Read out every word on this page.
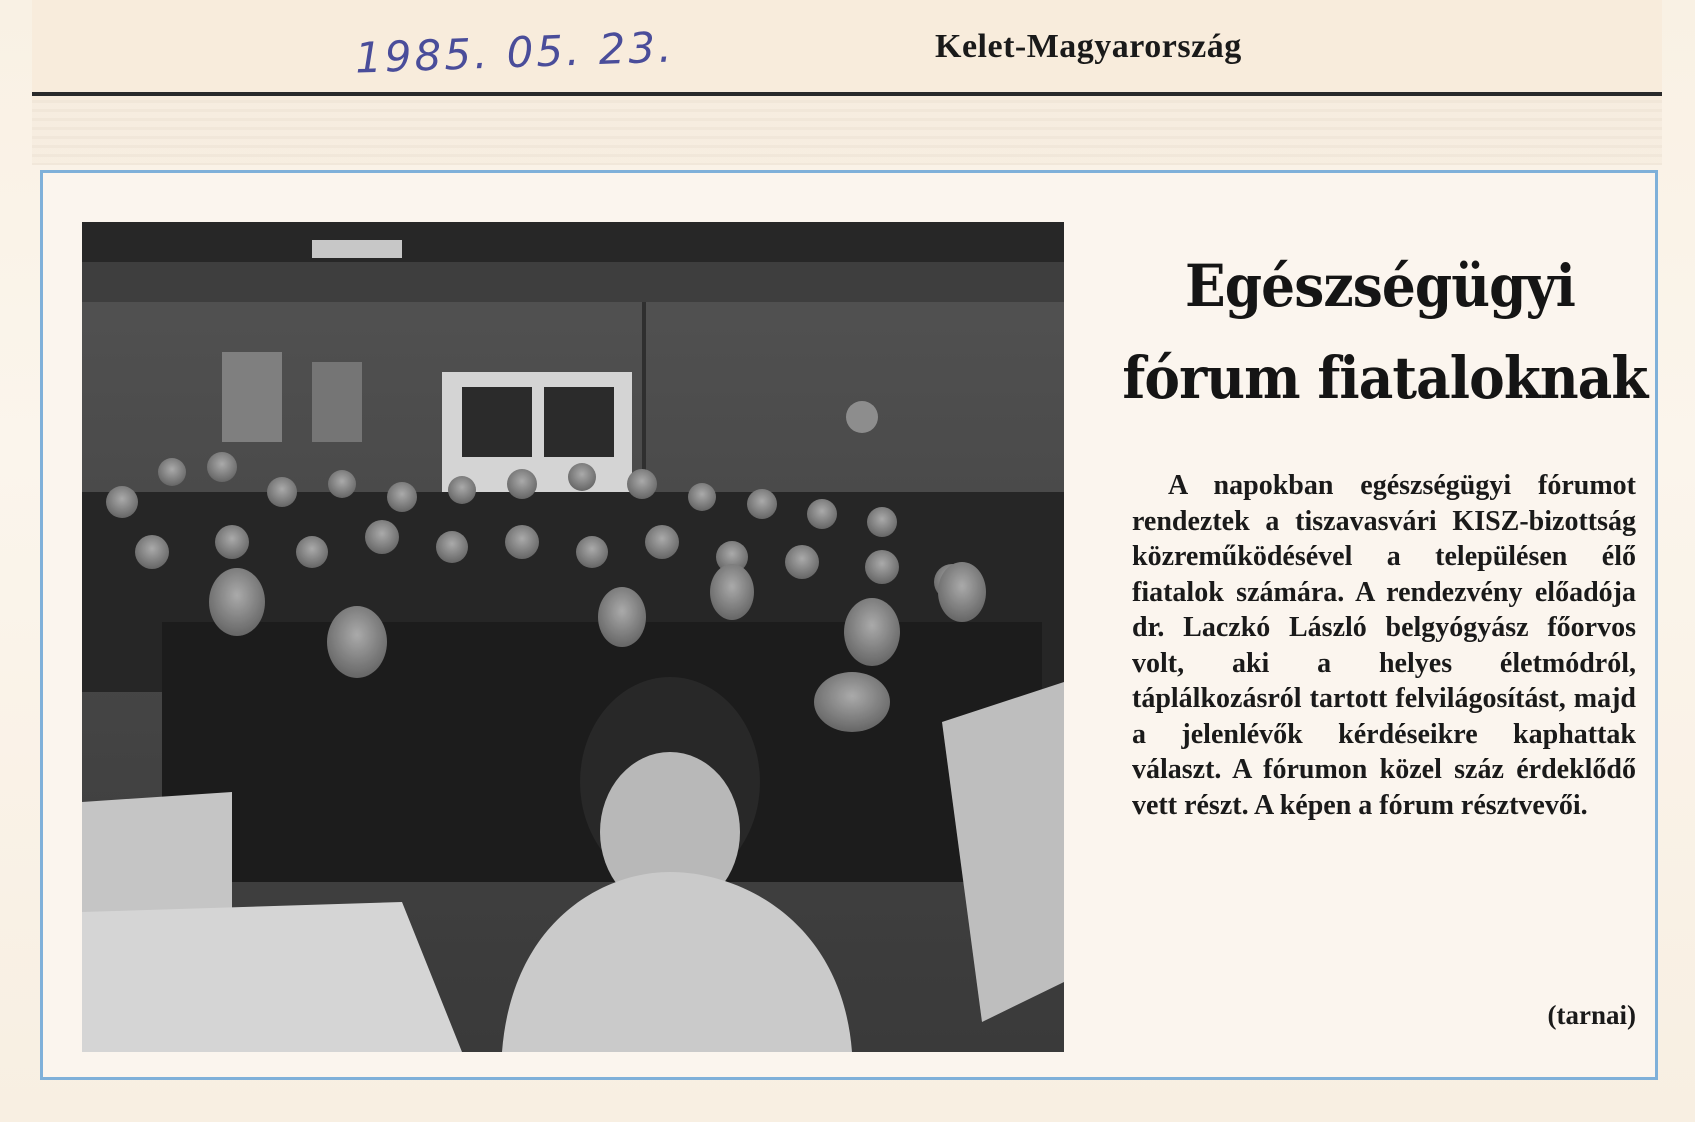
1985. 05. 23.	Kelet-Magyarország
Egészségügyi
fórum fiataloknak
A napokban egészségügyi fórumot rendeztek a tiszavasvári KISZ-bizottság közreműködésével a településen élő fiatalok számára. A rendezvény előadója dr. Laczkó László belgyógyász főorvos volt, aki a helyes életmódról, táplálkozásról tartott felvilágosítást, majd a jelenlévők kérdéseikre kaphattak választ. A fórumon közel száz érdeklődő vett részt. A képen a fórum résztvevői.
(tarnai)
